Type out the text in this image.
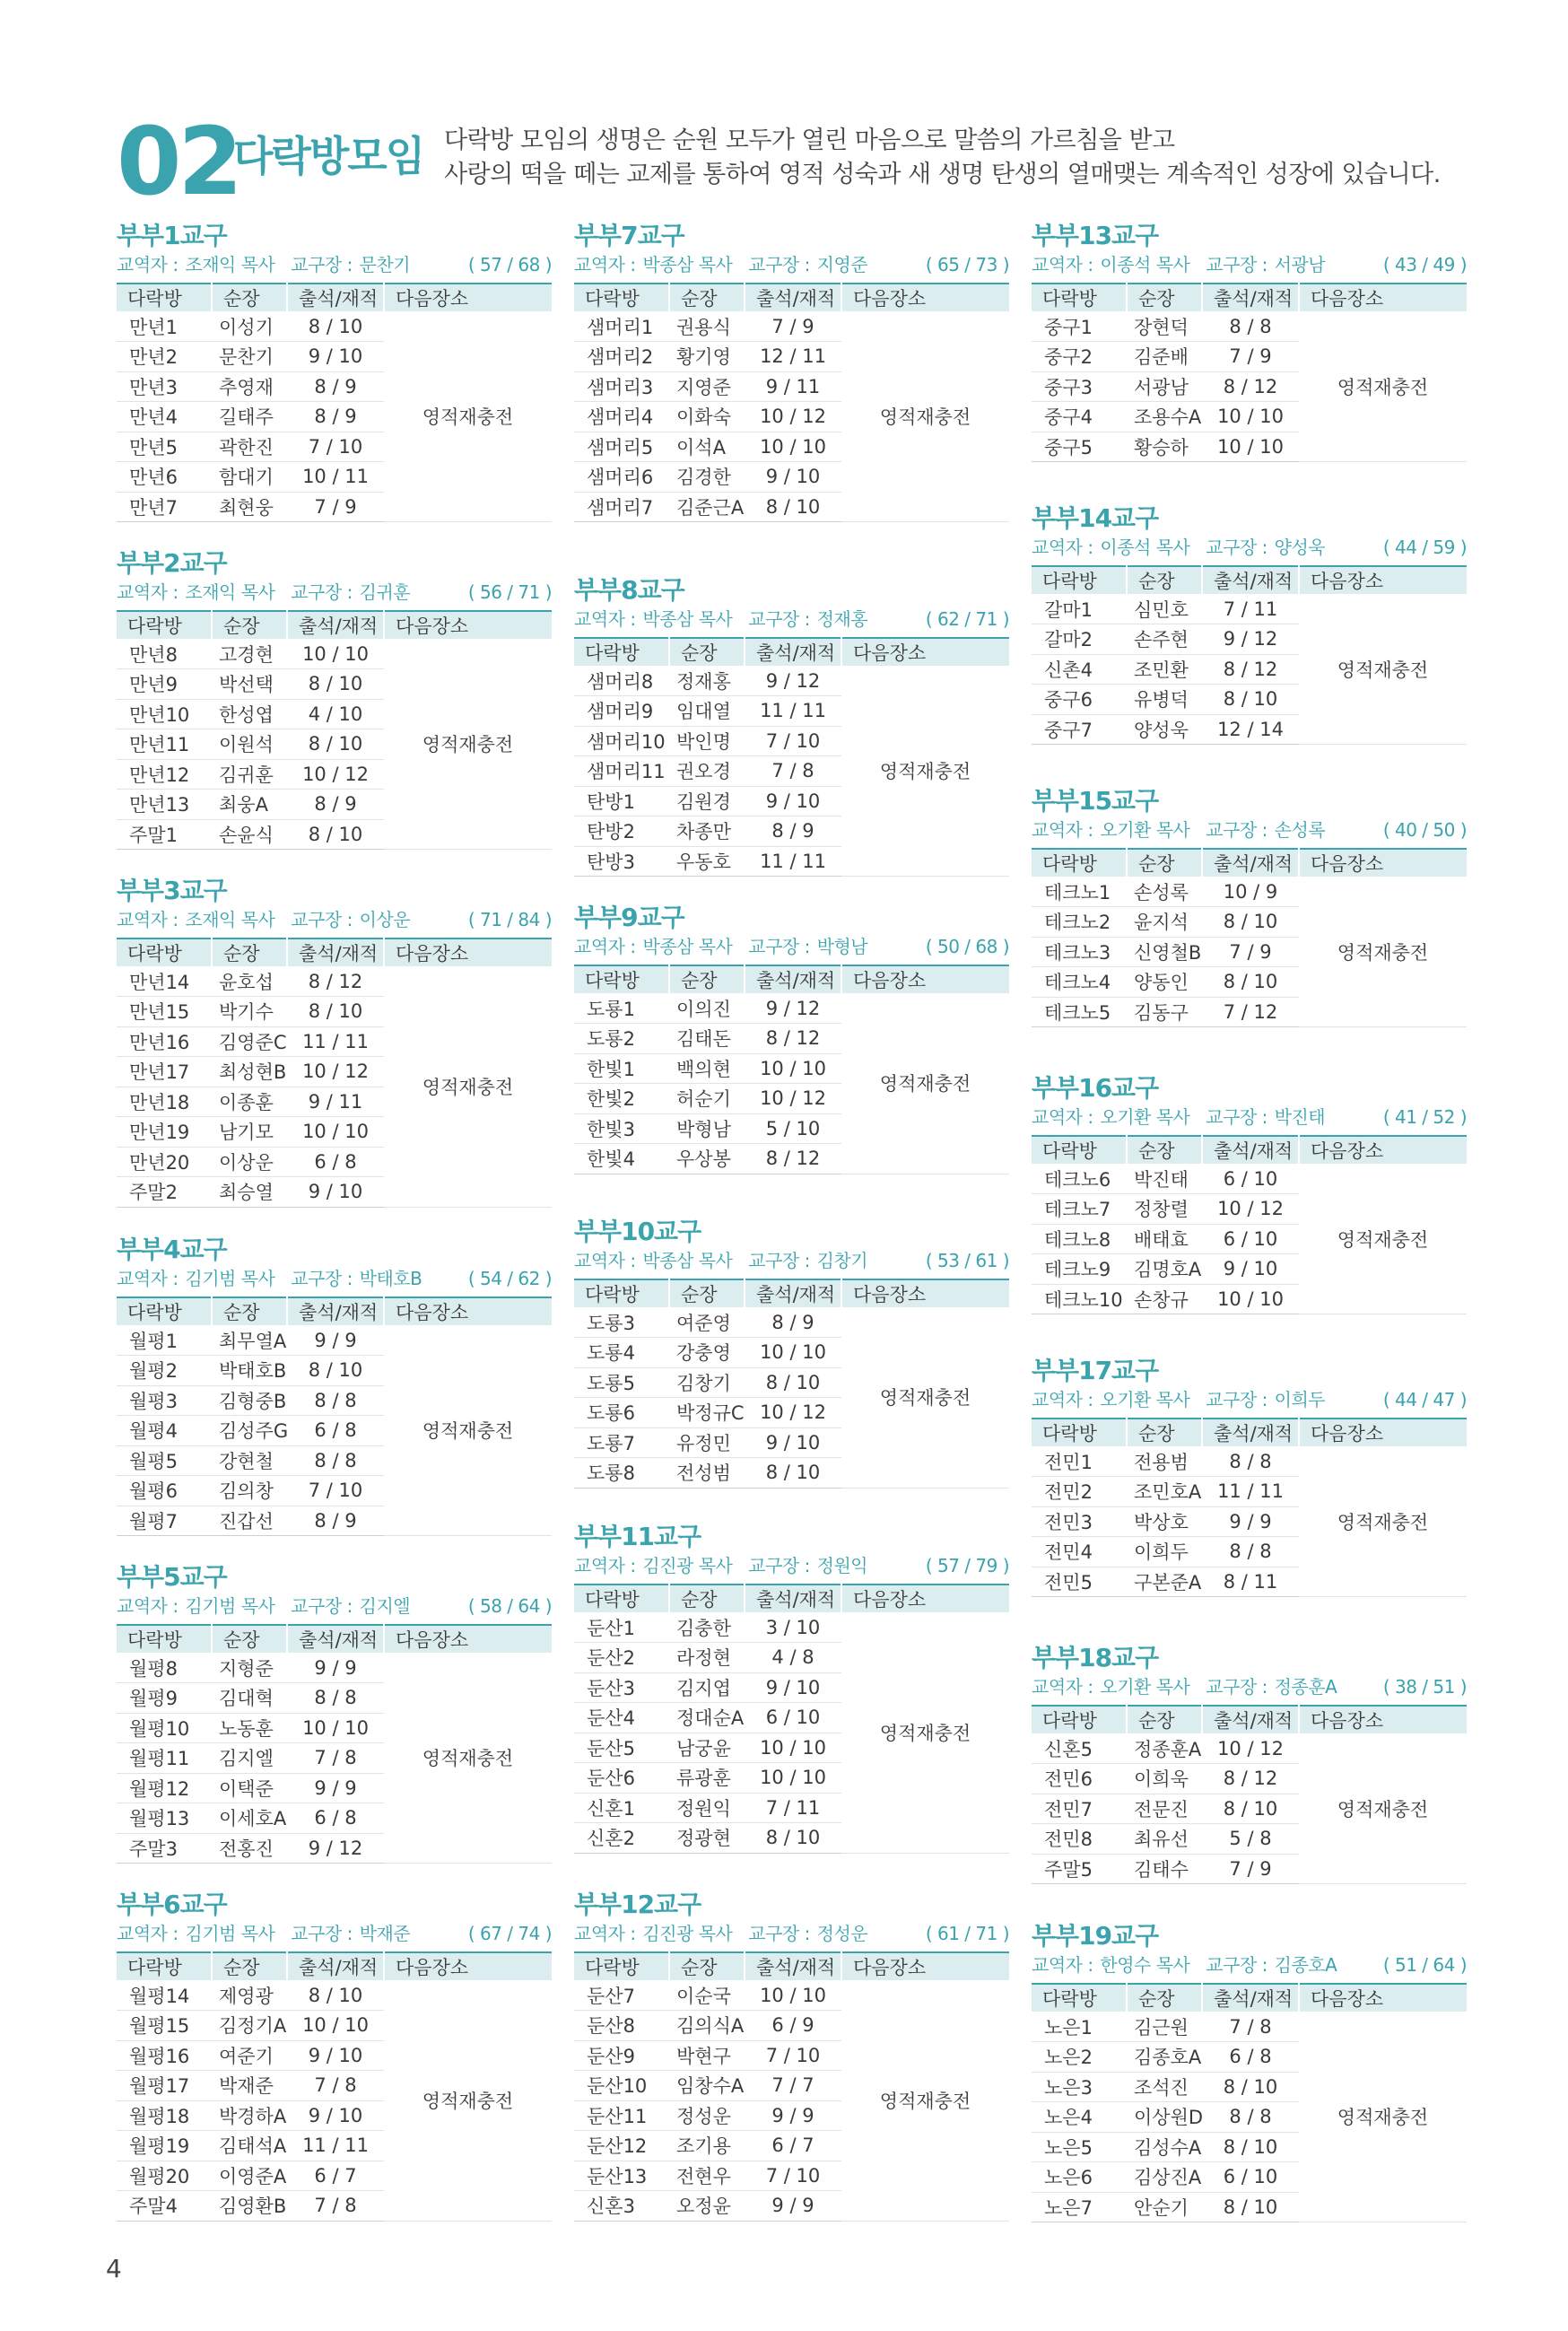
02
다락방모임 다락방 모임의 생명은 순원 모두가 열린 마음으로 말씀의 가르침을 받고
사랑의 떡을 떼는 교제를 통하여 영적 성숙과 새 생명 탄생의 열매맺는 계속적인 성장에 있습니다.
부부1교구
교역자 : 조재익 목사 교구장 : 문찬기	( 57 / 68 )
다락방	순장	출석/재적	다음장소
만년1	이성기	8 / 10	영적재충전
만년2	문찬기	9 / 10	
만년3	추영재	8 / 9	
만년4	길태주	8 / 9	
만년5	곽한진	7 / 10	
만년6	함대기	10 / 11	
만년7	최현웅	7 / 9	
부부2교구
교역자 : 조재익 목사 교구장 : 김귀훈	( 56 / 71 )
다락방	순장	출석/재적	다음장소
만년8	고경현	10 / 10	영적재충전
만년9	박선택	8 / 10	
만년10	한성엽	4 / 10	
만년11	이원석	8 / 10	
만년12	김귀훈	10 / 12	
만년13	최웅A	8 / 9	
주말1	손윤식	8 / 10	
부부3교구
교역자 : 조재익 목사 교구장 : 이상운	( 71 / 84 )
다락방	순장	출석/재적	다음장소
만년14	윤호섭	8 / 12	영적재충전
만년15	박기수	8 / 10	
만년16	김영준C	11 / 11	
만년17	최성현B	10 / 12	
만년18	이종훈	9 / 11	
만년19	남기모	10 / 10	
만년20	이상운	6 / 8	
주말2	최승열	9 / 10	
부부4교구
교역자 : 김기범 목사 교구장 : 박태호B	( 54 / 62 )
다락방	순장	출석/재적	다음장소
월평1	최무열A	9 / 9	영적재충전
월평2	박태호B	8 / 10	
월평3	김형중B	8 / 8	
월평4	김성주G	6 / 8	
월평5	강현철	8 / 8	
월평6	김의창	7 / 10	
월평7	진갑선	8 / 9	
부부5교구
교역자 : 김기범 목사 교구장 : 김지엘	( 58 / 64 )
다락방	순장	출석/재적	다음장소
월평8	지형준	9 / 9	영적재충전
월평9	김대혁	8 / 8	
월평10	노동훈	10 / 10	
월평11	김지엘	7 / 8	
월평12	이택준	9 / 9	
월평13	이세호A	6 / 8	
주말3	전홍진	9 / 12	
부부6교구
교역자 : 김기범 목사 교구장 : 박재준	( 67 / 74 )
다락방	순장	출석/재적	다음장소
월평14	제영광	8 / 10	영적재충전
월평15	김정기A	10 / 10	
월평16	여준기	9 / 10	
월평17	박재준	7 / 8	
월평18	박경하A	9 / 10	
월평19	김태석A	11 / 11	
월평20	이영준A	6 / 7	
주말4	김영환B	7 / 8	
부부7교구
교역자 : 박종삼 목사 교구장 : 지영준	( 65 / 73 )
다락방	순장	출석/재적	다음장소
샘머리1	권용식	7 / 9	영적재충전
샘머리2	황기영	12 / 11	
샘머리3	지영준	9 / 11	
샘머리4	이화숙	10 / 12	
샘머리5	이석A	10 / 10	
샘머리6	김경한	9 / 10	
샘머리7	김준근A	8 / 10	
부부8교구
교역자 : 박종삼 목사 교구장 : 정재홍	( 62 / 71 )
다락방	순장	출석/재적	다음장소
샘머리8	정재홍	9 / 12	영적재충전
샘머리9	임대열	11 / 11	
샘머리10	박인명	7 / 10	
샘머리11	권오경	7 / 8	
탄방1	김원경	9 / 10	
탄방2	차종만	8 / 9	
탄방3	우동호	11 / 11	
부부9교구
교역자 : 박종삼 목사 교구장 : 박형남	( 50 / 68 )
다락방	순장	출석/재적	다음장소
도룡1	이의진	9 / 12	영적재충전
도룡2	김태돈	8 / 12	
한빛1	백의현	10 / 10	
한빛2	허순기	10 / 12	
한빛3	박형남	5 / 10	
한빛4	우상봉	8 / 12	
부부10교구
교역자 : 박종삼 목사 교구장 : 김창기	( 53 / 61 )
다락방	순장	출석/재적	다음장소
도룡3	여준영	8 / 9	영적재충전
도룡4	강충영	10 / 10	
도룡5	김창기	8 / 10	
도룡6	박정규C	10 / 12	
도룡7	유정민	9 / 10	
도룡8	전성범	8 / 10	
부부11교구
교역자 : 김진광 목사 교구장 : 정원익	( 57 / 79 )
다락방	순장	출석/재적	다음장소
둔산1	김충한	3 / 10	영적재충전
둔산2	라정현	4 / 8	
둔산3	김지엽	9 / 10	
둔산4	정대순A	6 / 10	
둔산5	남궁윤	10 / 10	
둔산6	류광훈	10 / 10	
신혼1	정원익	7 / 11	
신혼2	정광현	8 / 10	
부부12교구
교역자 : 김진광 목사 교구장 : 정성운	( 61 / 71 )
다락방	순장	출석/재적	다음장소
둔산7	이순국	10 / 10	영적재충전
둔산8	김의식A	6 / 9	
둔산9	박현구	7 / 10	
둔산10	임창수A	7 / 7	
둔산11	정성운	9 / 9	
둔산12	조기용	6 / 7	
둔산13	전현우	7 / 10	
신혼3	오정윤	9 / 9	
부부13교구
교역자 : 이종석 목사 교구장 : 서광남	( 43 / 49 )
다락방	순장	출석/재적	다음장소
중구1	장현덕	8 / 8	영적재충전
중구2	김준배	7 / 9	
중구3	서광남	8 / 12	
중구4	조용수A	10 / 10	
중구5	황승하	10 / 10	
부부14교구
교역자 : 이종석 목사 교구장 : 양성욱	( 44 / 59 )
다락방	순장	출석/재적	다음장소
갈마1	심민호	7 / 11	영적재충전
갈마2	손주현	9 / 12	
신촌4	조민환	8 / 12	
중구6	유병덕	8 / 10	
중구7	양성욱	12 / 14	
부부15교구
교역자 : 오기환 목사 교구장 : 손성록	( 40 / 50 )
다락방	순장	출석/재적	다음장소
테크노1	손성록	10 / 9	영적재충전
테크노2	윤지석	8 / 10	
테크노3	신영철B	7 / 9	
테크노4	양동인	8 / 10	
테크노5	김동구	7 / 12	
부부16교구
교역자 : 오기환 목사 교구장 : 박진태	( 41 / 52 )
다락방	순장	출석/재적	다음장소
테크노6	박진태	6 / 10	영적재충전
테크노7	정창렬	10 / 12	
테크노8	배태효	6 / 10	
테크노9	김명호A	9 / 10	
테크노10	손창규	10 / 10	
부부17교구
교역자 : 오기환 목사 교구장 : 이희두	( 44 / 47 )
다락방	순장	출석/재적	다음장소
전민1	전용범	8 / 8	영적재충전
전민2	조민호A	11 / 11	
전민3	박상호	9 / 9	
전민4	이희두	8 / 8	
전민5	구본준A	8 / 11	
부부18교구
교역자 : 오기환 목사 교구장 : 정종훈A	( 38 / 51 )
다락방	순장	출석/재적	다음장소
신혼5	정종훈A	10 / 12	영적재충전
전민6	이희욱	8 / 12	
전민7	전문진	8 / 10	
전민8	최유선	5 / 8	
주말5	김태수	7 / 9	
부부19교구
교역자 : 한영수 목사 교구장 : 김종호A	( 51 / 64 )
다락방	순장	출석/재적	다음장소
노은1	김근원	7 / 8	영적재충전
노은2	김종호A	6 / 8	
노은3	조석진	8 / 10	
노은4	이상원D	8 / 8	
노은5	김성수A	8 / 10	
노은6	김상진A	6 / 10	
노은7	안순기	8 / 10	
4
